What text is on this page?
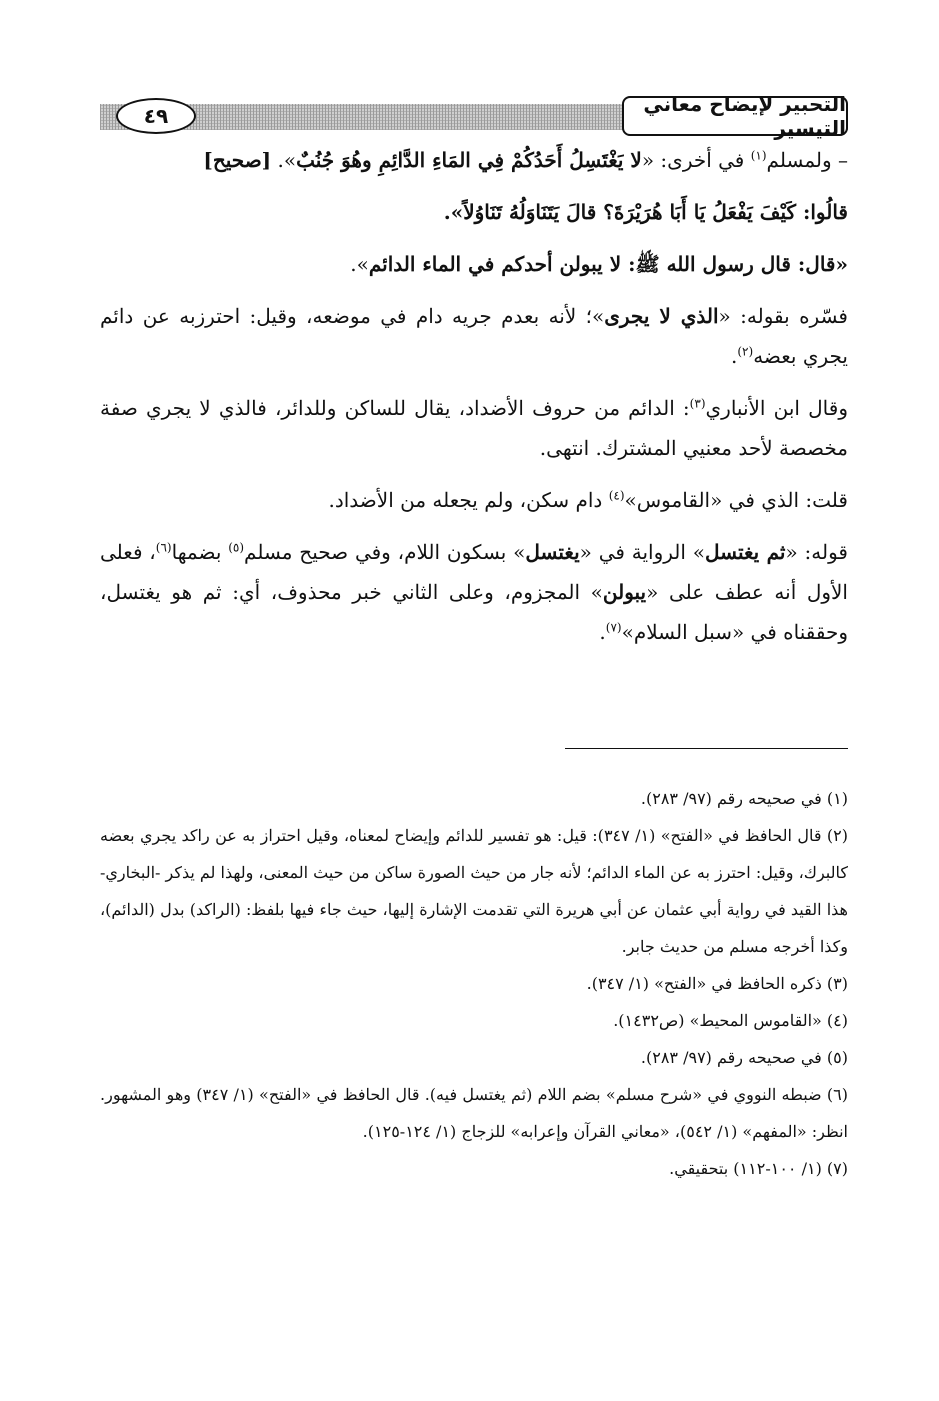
التحبير لإيضاح معاني التيسير
٤٩

– ولمسلم$^{(١)}$ في أخرى: «لا يَغْتَسِلُ أَحَدُكُمْ فِي المَاءِ الدَّائِمِ وهُوَ جُنُبٌ». [صحيح]

قالُوا: كَيْفَ يَفْعَلُ يَا أَبَا هُرَيْرَةَ؟ قالَ يَتَنَاوَلُهُ تَنَاوُلاً».

«قال: قال رسول الله ﷺ: لا يبولن أحدكم في الماء الدائم».

فسّره بقوله: «الذي لا يجرى»؛ لأنه بعدم جريه دام في موضعه، وقيل: احترزبه عن دائم يجري بعضه$^{(٢)}$.

وقال ابن الأنباري$^{(٣)}$: الدائم من حروف الأضداد، يقال للساكن وللدائر، فالذي لا يجري صفة مخصصة لأحد معنيي المشترك. انتهى.

قلت: الذي في «القاموس»$^{(٤)}$ دام سكن، ولم يجعله من الأضداد.

قوله: «ثم يغتسل» الرواية في «يغتسل» بسكون اللام، وفي صحيح مسلم$^{(٥)}$ بضمها$^{(٦)}$، فعلى الأول أنه عطف على «يبولن» المجزوم، وعلى الثاني خبر محذوف، أي: ثم هو يغتسل، وحققناه في «سبل السلام»$^{(٧)}$.

(١) في صحيحه رقم (٩٧/ ٢٨٣).

(٢) قال الحافظ في «الفتح» (١/ ٣٤٧): قيل: هو تفسير للدائم وإيضاح لمعناه، وقيل احتراز به عن راكد يجري بعضه كالبرك، وقيل: احترز به عن الماء الدائم؛ لأنه جار من حيث الصورة ساكن من حيث المعنى، ولهذا لم يذكر -البخاري- هذا القيد في رواية أبي عثمان عن أبي هريرة التي تقدمت الإشارة إليها، حيث جاء فيها بلفظ: (الراكد) بدل (الدائم)، وكذا أخرجه مسلم من حديث جابر.

(٣) ذكره الحافظ في «الفتح» (١/ ٣٤٧).

(٤) «القاموس المحيط» (ص١٤٣٢).

(٥) في صحيحه رقم (٩٧/ ٢٨٣).

(٦) ضبطه النووي في «شرح مسلم» بضم اللام (ثم يغتسل فيه). قال الحافظ في «الفتح» (١/ ٣٤٧) وهو المشهور. انظر: «المفهم» (١/ ٥٤٢)، «معاني القرآن وإعرابه» للزجاج (١/ ١٢٤-١٢٥).

(٧) (١/ ١٠٠-١١٢) بتحقيقي.
